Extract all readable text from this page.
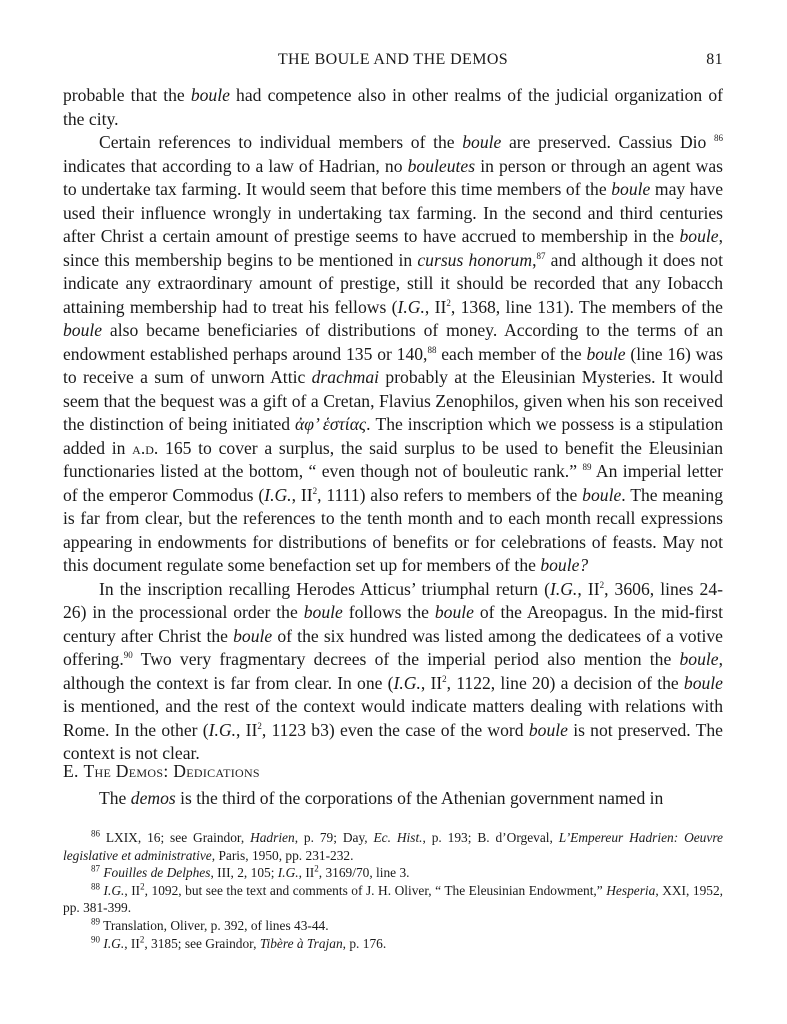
THE BOULE AND THE DEMOS	81

probable that the boule had competence also in other realms of the judicial organization of the city.

Certain references to individual members of the boule are preserved. Cassius Dio $^{86}$ indicates that according to a law of Hadrian, no bouleutes in person or through an agent was to undertake tax farming. It would seem that before this time members of the boule may have used their influence wrongly in undertaking tax farming. In the second and third centuries after Christ a certain amount of prestige seems to have accrued to membership in the boule, since this membership begins to be mentioned in cursus honorum,$^{87}$ and although it does not indicate any extraordinary amount of prestige, still it should be recorded that any Iobacch attaining membership had to treat his fellows (I.G., $II^2$, 1368, line 131). The members of the boule also became beneficiaries of distributions of money. According to the terms of an endowment established perhaps around 135 or 140,88 each member of the boule (line 16) was to receive a sum of unworn Attic drachmai probably at the Eleusinian Mysteries. It would seem that the bequest was a gift of a Cretan, Flavius Zenophilos, given when his son received the distinction of being initiated ἀφ’ ἑστίας. The inscription which we possess is a stipulation added in a.d. 165 to cover a surplus, the said surplus to be used to benefit the Eleusinian functionaries listed at the bottom, “ even though not of bouleutic rank.” $^{89}$ An imperial letter of the emperor Commodus (I.G., $II^2$, 1111) also refers to members of the boule. The meaning is far from clear, but the references to the tenth month and to each month recall expressions appearing in endowments for distributions of benefits or for celebrations of feasts. May not this document regulate some benefaction set up for members of the boule?

In the inscription recalling Herodes Atticus’ triumphal return (I.G., $II^2$, 3606, lines 24-26) in the processional order the boule follows the boule of the Areopagus. In the mid-first century after Christ the boule of the six hundred was listed among the dedicatees of a votive offering.$^{90}$ Two very fragmentary decrees of the imperial period also mention the boule, although the context is far from clear. In one (I.G., $II^2$, 1122, line 20) a decision of the boule is mentioned, and the rest of the context would indicate matters dealing with relations with Rome. In the other (I.G., $II^2$, 1123 b3) even the case of the word boule is not preserved. The context is not clear.

E. The Demos: Dedications
The demos is the third of the corporations of the Athenian government named in

$^{86}$ LXIX, 16; see Graindor, Hadrien, p. 79; Day, Ec. Hist., p. 193; B. d’Orgeval, L’Empereur Hadrien: Oeuvre legislative et administrative, Paris, 1950, pp. 231-232.

$^{87}$ Fouilles de Delphes, III, 2, 105; I.G., $II^2$, 3169/70, line 3.

$^{88}$ I.G., $II^2$, 1092, but see the text and comments of J. H. Oliver, “ The Eleusinian Endowment,” Hesperia, XXI, 1952, pp. 381-399.

$^{89}$ Translation, Oliver, p. 392, of lines 43-44.

$^{90}$ I.G., $II^2$, 3185; see Graindor, Tibère à Trajan, p. 176.
